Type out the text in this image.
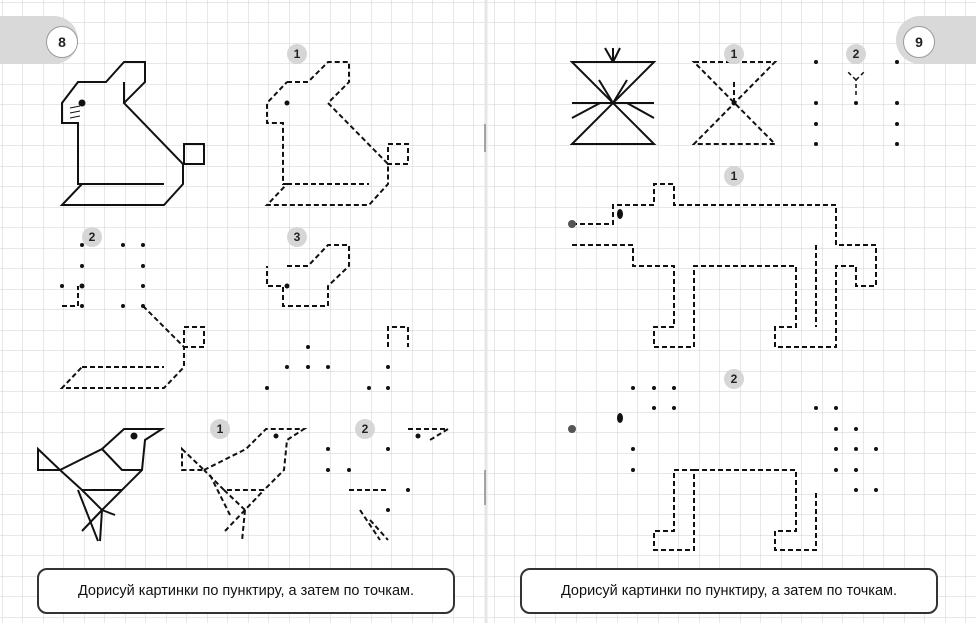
8	9
1
2	3
1	2
1	2
1
2
Дорисуй картинки по пунктиру, а затем по точкам.	Дорисуй картинки по пунктиру, а затем по точкам.
